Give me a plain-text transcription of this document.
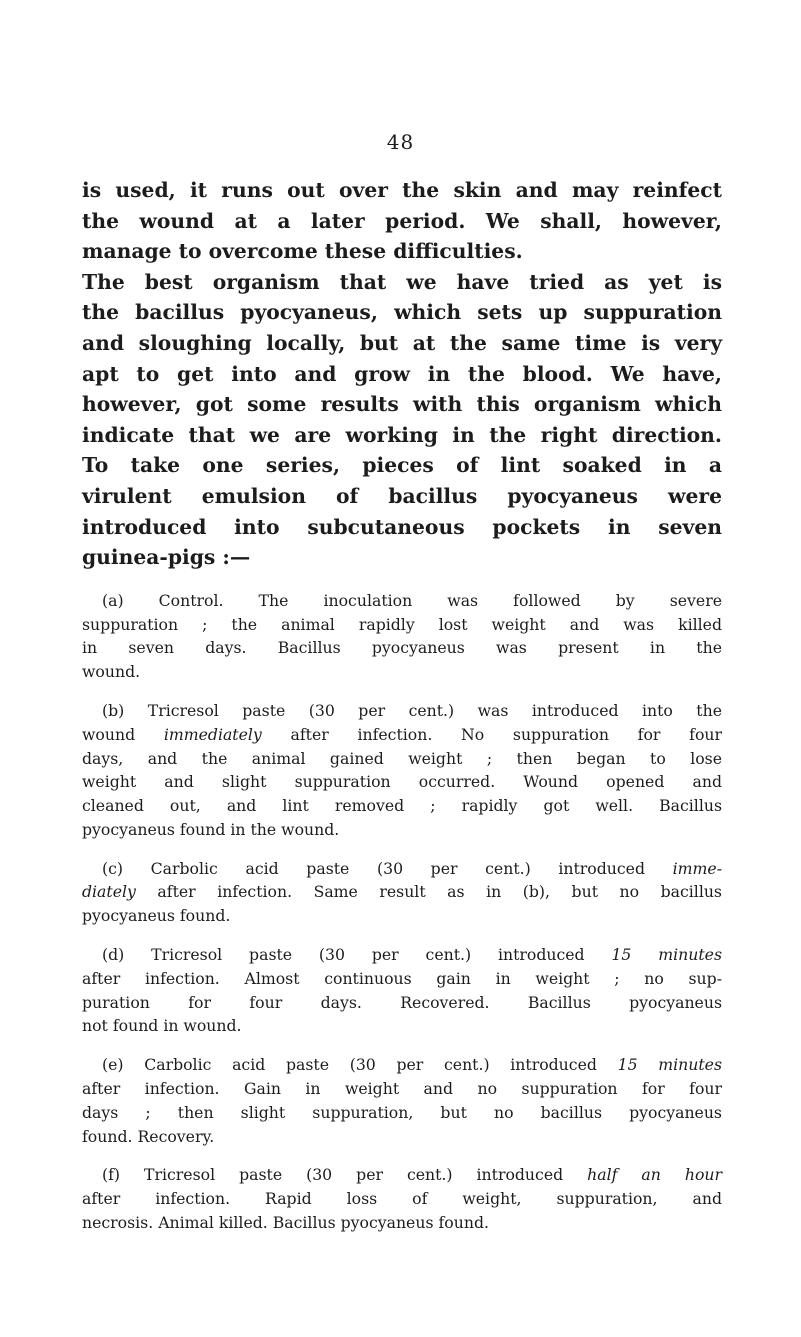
48

is used, it runs out over the skin and may reinfect
the wound at a later period. We shall, however,
manage to overcome these difficulties.
The best organism that we have tried as yet is
the bacillus pyocyaneus, which sets up suppuration
and sloughing locally, but at the same time is very
apt to get into and grow in the blood. We have,
however, got some results with this organism which
indicate that we are working in the right direction.
To take one series, pieces of lint soaked in a
virulent emulsion of bacillus pyocyaneus were
introduced into subcutaneous pockets in seven
guinea-pigs :—

(a) Control. The inoculation was followed by severe
suppuration ; the animal rapidly lost weight and was killed
in seven days. Bacillus pyocyaneus was present in the
wound.

(b) Tricresol paste (30 per cent.) was introduced into the
wound immediately after infection. No suppuration for four
days, and the animal gained weight ; then began to lose
weight and slight suppuration occurred. Wound opened and
cleaned out, and lint removed ; rapidly got well. Bacillus
pyocyaneus found in the wound.

(c) Carbolic acid paste (30 per cent.) introduced imme-
diately after infection. Same result as in (b), but no bacillus
pyocyaneus found.

(d) Tricresol paste (30 per cent.) introduced 15 minutes
after infection. Almost continuous gain in weight ; no sup-
puration for four days. Recovered. Bacillus pyocyaneus
not found in wound.

(e) Carbolic acid paste (30 per cent.) introduced 15 minutes
after infection. Gain in weight and no suppuration for four
days ; then slight suppuration, but no bacillus pyocyaneus
found. Recovery.

(f) Tricresol paste (30 per cent.) introduced half an hour
after infection. Rapid loss of weight, suppuration, and
necrosis. Animal killed. Bacillus pyocyaneus found.
